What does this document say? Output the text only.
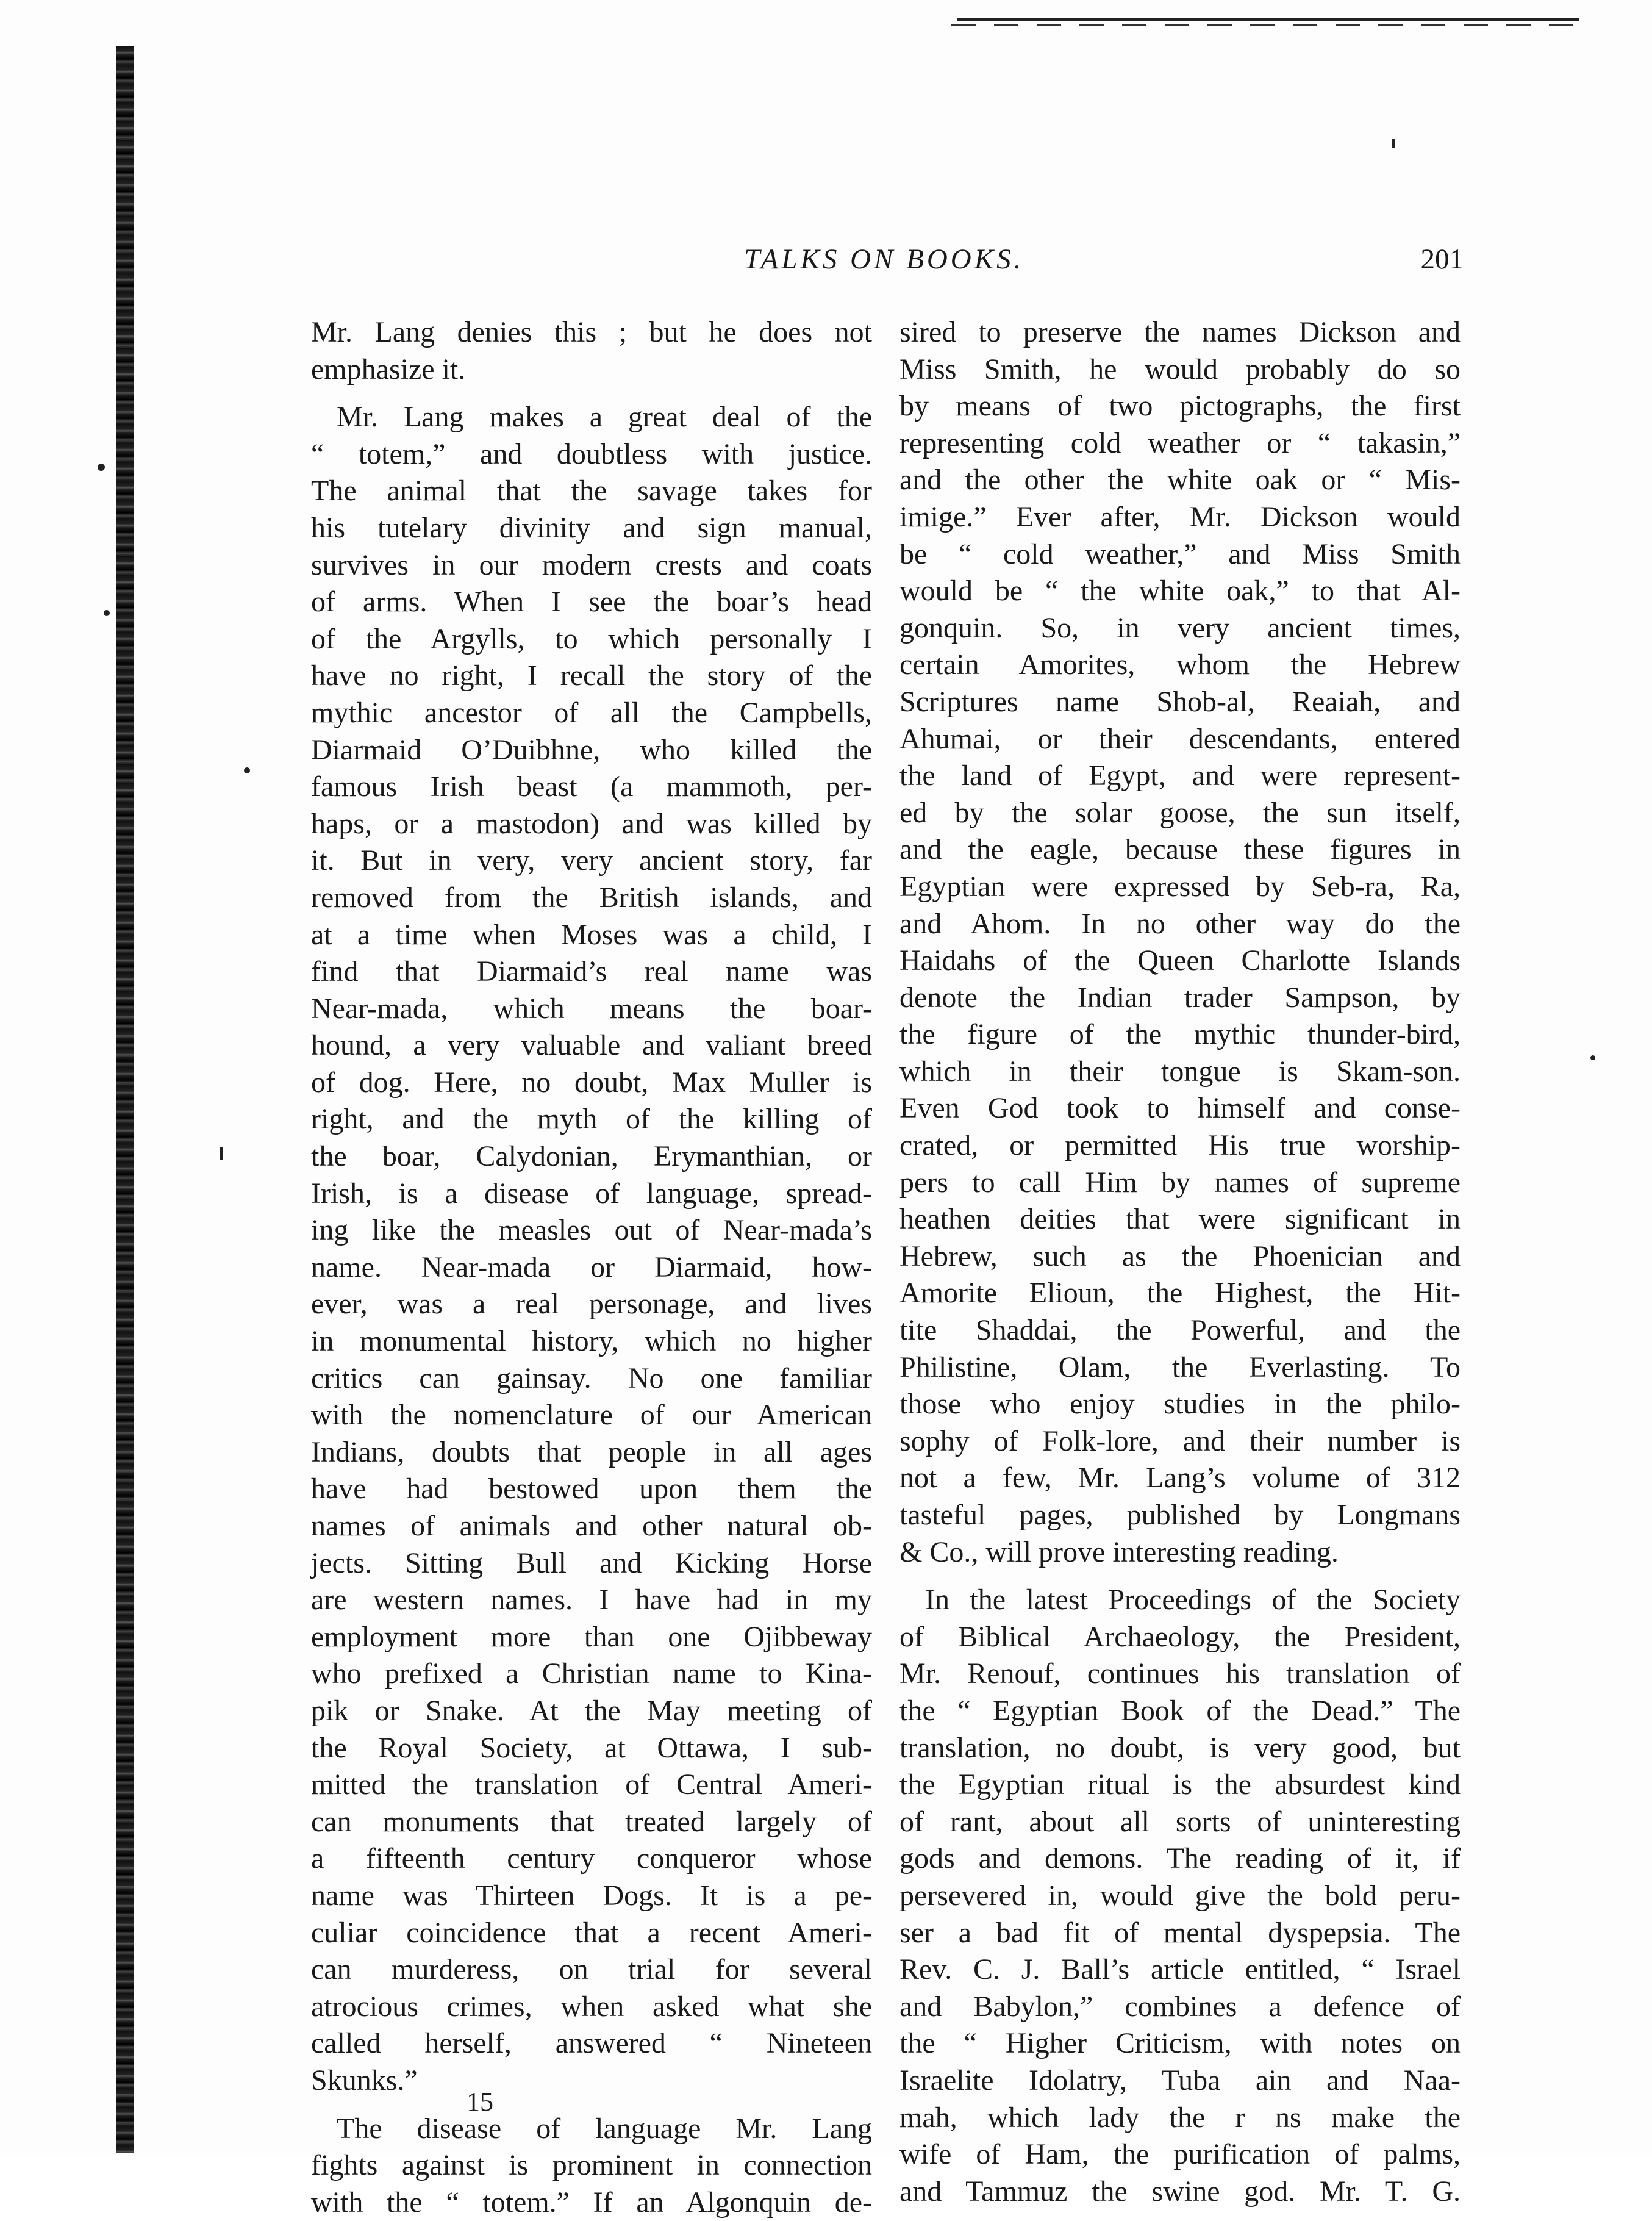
TALKS ON BOOKS.	201
Mr. Lang denies this ; but he does not
emphasize it.
Mr. Lang makes a great deal of the
“ totem,” and doubtless with justice.
The animal that the savage takes for
his tutelary divinity and sign manual,
survives in our modern crests and coats
of arms. When I see the boar’s head
of the Argylls, to which personally I
have no right, I recall the story of the
mythic ancestor of all the Campbells,
Diarmaid O’Duibhne, who killed the
famous Irish beast (a mammoth, per-
haps, or a mastodon) and was killed by
it. But in very, very ancient story, far
removed from the British islands, and
at a time when Moses was a child, I
find that Diarmaid’s real name was
Near-mada, which means the boar-
hound, a very valuable and valiant breed
of dog. Here, no doubt, Max Muller is
right, and the myth of the killing of
the boar, Calydonian, Erymanthian, or
Irish, is a disease of language, spread-
ing like the measles out of Near-mada’s
name. Near-mada or Diarmaid, how-
ever, was a real personage, and lives
in monumental history, which no higher
critics can gainsay. No one familiar
with the nomenclature of our American
Indians, doubts that people in all ages
have had bestowed upon them the
names of animals and other natural ob-
jects. Sitting Bull and Kicking Horse
are western names. I have had in my
employment more than one Ojibbeway
who prefixed a Christian name to Kina-
pik or Snake. At the May meeting of
the Royal Society, at Ottawa, I sub-
mitted the translation of Central Ameri-
can monuments that treated largely of
a fifteenth century conqueror whose
name was Thirteen Dogs. It is a pe-
culiar coincidence that a recent Ameri-
can murderess, on trial for several
atrocious crimes, when asked what she
called herself, answered “ Nineteen
Skunks.”
The disease of language Mr. Lang
fights against is prominent in connection
with the “ totem.” If an Algonquin de-
sired to preserve the names Dickson and
Miss Smith, he would probably do so
by means of two pictographs, the first
representing cold weather or “ takasin,”
and the other the white oak or “ Mis-
imige.” Ever after, Mr. Dickson would
be “ cold weather,” and Miss Smith
would be “ the white oak,” to that Al-
gonquin. So, in very ancient times,
certain Amorites, whom the Hebrew
Scriptures name Shob-al, Reaiah, and
Ahumai, or their descendants, entered
the land of Egypt, and were represent-
ed by the solar goose, the sun itself,
and the eagle, because these figures in
Egyptian were expressed by Seb-ra, Ra,
and Ahom. In no other way do the
Haidahs of the Queen Charlotte Islands
denote the Indian trader Sampson, by
the figure of the mythic thunder-bird,
which in their tongue is Skam-son.
Even God took to himself and conse-
crated, or permitted His true worship-
pers to call Him by names of supreme
heathen deities that were significant in
Hebrew, such as the Phoenician and
Amorite Elioun, the Highest, the Hit-
tite Shaddai, the Powerful, and the
Philistine, Olam, the Everlasting. To
those who enjoy studies in the philo-
sophy of Folk-lore, and their number is
not a few, Mr. Lang’s volume of 312
tasteful pages, published by Longmans
& Co., will prove interesting reading.
In the latest Proceedings of the Society
of Biblical Archaeology, the President,
Mr. Renouf, continues his translation of
the “ Egyptian Book of the Dead.” The
translation, no doubt, is very good, but
the Egyptian ritual is the absurdest kind
of rant, about all sorts of uninteresting
gods and demons. The reading of it, if
persevered in, would give the bold peru-
ser a bad fit of mental dyspepsia. The
Rev. C. J. Ball’s article entitled, “ Israel
and Babylon,” combines a defence of
the “ Higher Criticism, with notes on
Israelite Idolatry, Tuba ain and Naa-
mah, which lady the r ns make the
wife of Ham, the purification of palms,
and Tammuz the swine god. Mr. T. G.
15
